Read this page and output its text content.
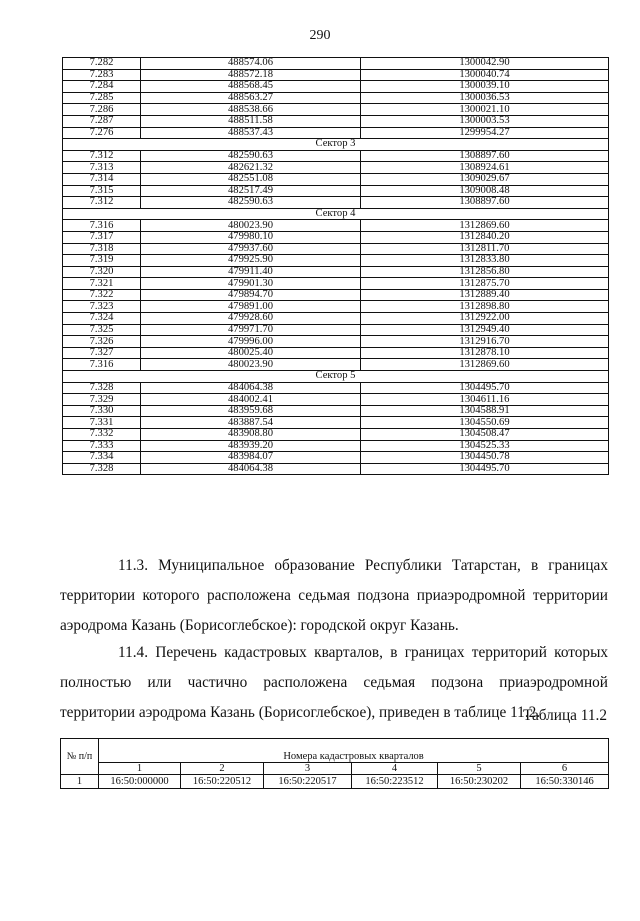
290
7.282	488574.06	1300042.90
7.283	488572.18	1300040.74
7.284	488568.45	1300039.10
7.285	488563.27	1300036.53
7.286	488538.66	1300021.10
7.287	488511.58	1300003.53
7.276	488537.43	1299954.27
Сектор 3		
7.312	482590.63	1308897.60
7.313	482621.32	1308924.61
7.314	482551.08	1309029.67
7.315	482517.49	1309008.48
7.312	482590.63	1308897.60
Сектор 4		
7.316	480023.90	1312869.60
7.317	479980.10	1312840.20
7.318	479937.60	1312811.70
7.319	479925.90	1312833.80
7.320	479911.40	1312856.80
7.321	479901.30	1312875.70
7.322	479894.70	1312889.40
7.323	479891.00	1312898.80
7.324	479928.60	1312922.00
7.325	479971.70	1312949.40
7.326	479996.00	1312916.70
7.327	480025.40	1312878.10
7.316	480023.90	1312869.60
Сектор 5		
7.328	484064.38	1304495.70
7.329	484002.41	1304611.16
7.330	483959.68	1304588.91
7.331	483887.54	1304550.69
7.332	483908.80	1304508.47
7.333	483939.20	1304525.33
7.334	483984.07	1304450.78
7.328	484064.38	1304495.70

11.3. Муниципальное образование Республики Татарстан, в границах территории которого расположена седьмая подзона приаэродромной территории аэродрома Казань (Борисоглебское): городской округ Казань.

11.4. Перечень кадастровых кварталов, в границах территорий которых полностью или частично расположена седьмая подзона приаэродромной территории аэродрома Казань (Борисоглебское), приведен в таблице 11.2.

Таблица 11.2
№ п/п	Номера кадастровых кварталов					
	1	2	3	4	5	6
1	16:50:000000	16:50:220512	16:50:220517	16:50:223512	16:50:230202	16:50:330146
